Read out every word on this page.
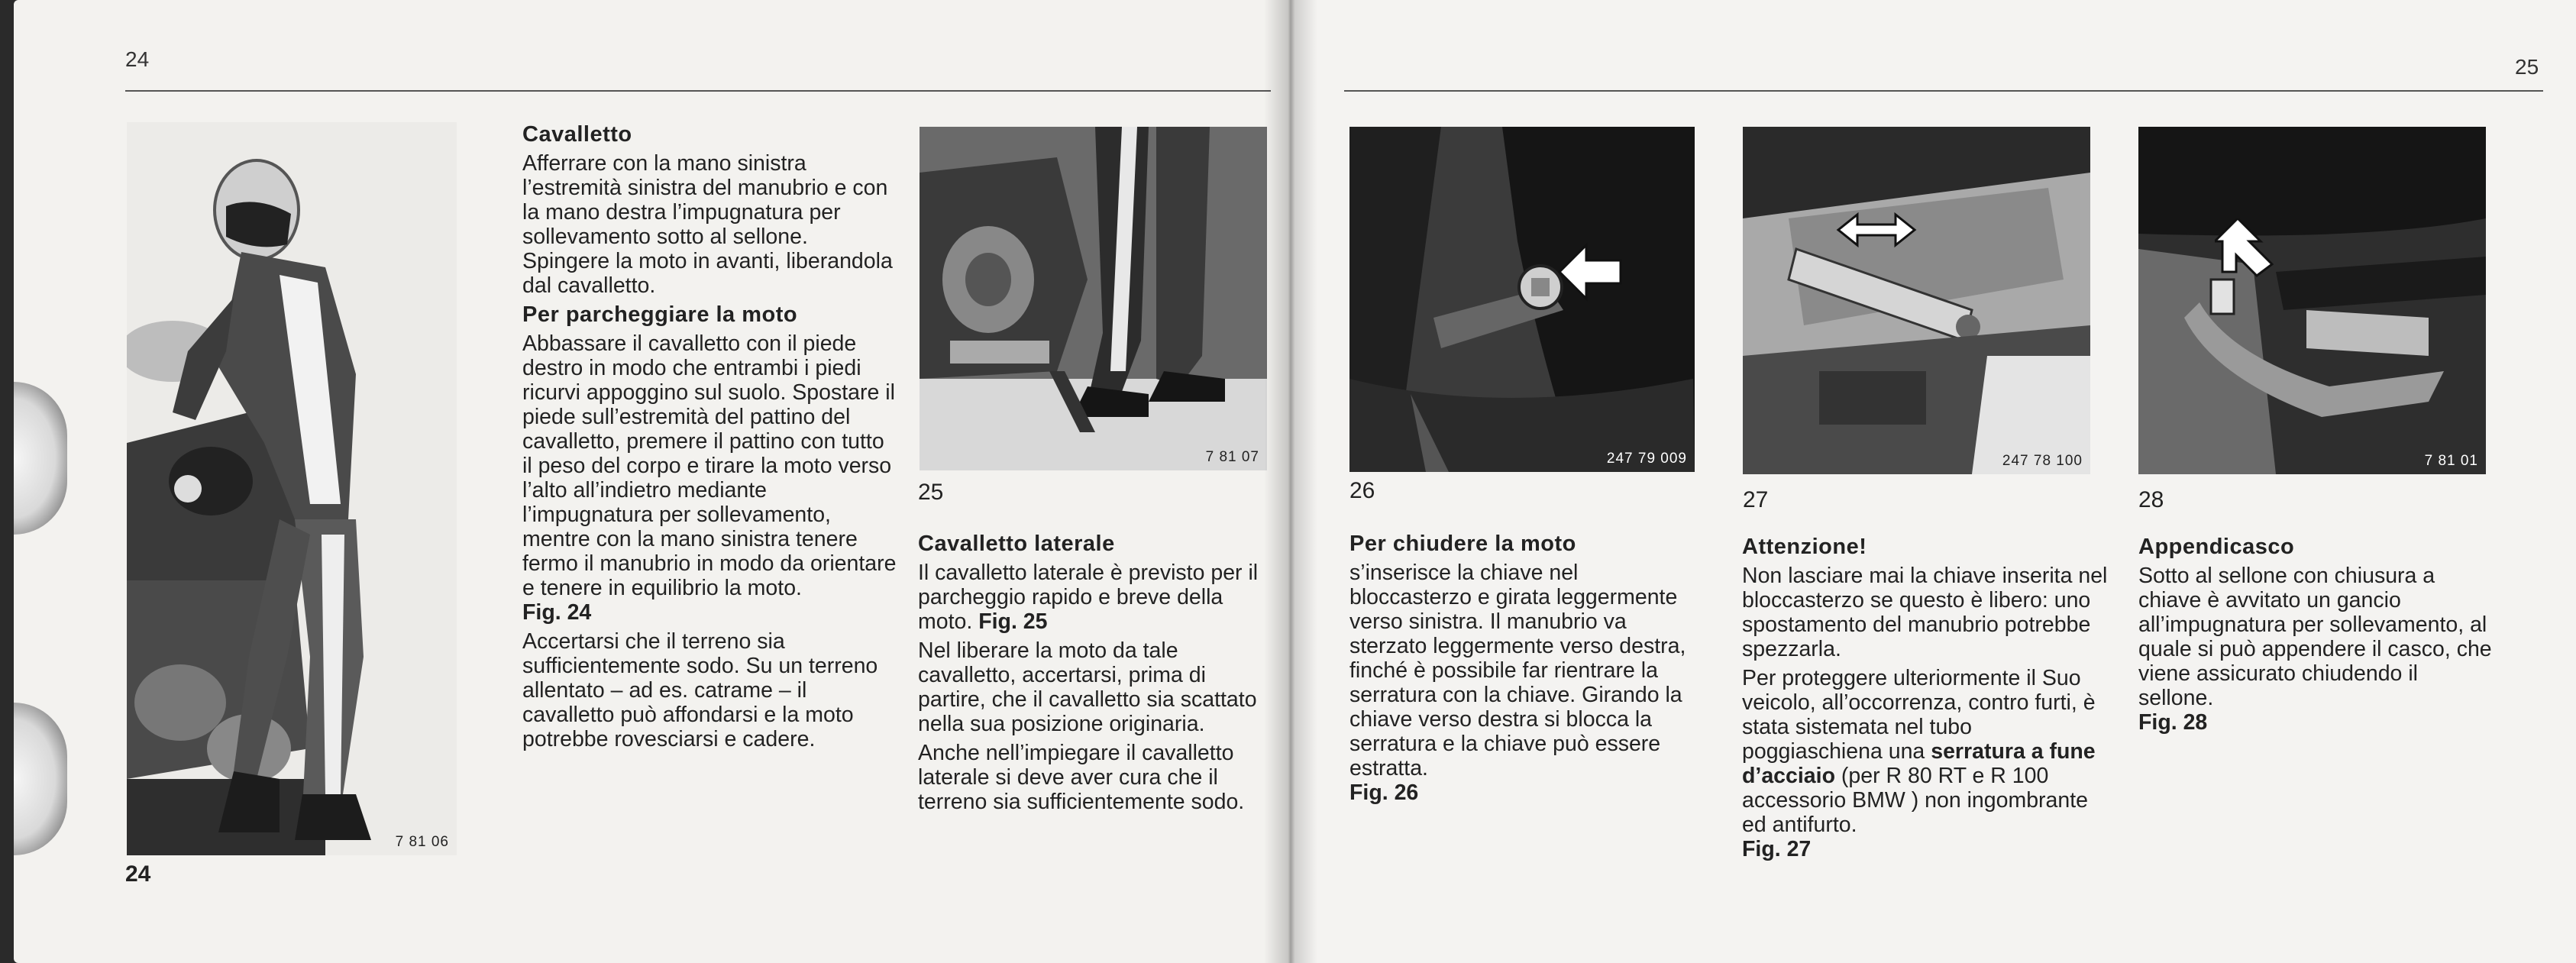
24
7 81 06
24
Cavalletto

Afferrare con la mano sinistra l’estremità sinistra del manubrio e con la mano destra l’impugnatura per sollevamento sotto al sellone. Spingere la moto in avanti, liberandola dal cavalletto.

Per parcheggiare la moto

Abbassare il cavalletto con il piede destro in modo che entrambi i piedi ricurvi appoggino sul suolo. Spostare il piede sull’estremità del pattino del cavalletto, premere il pattino con tutto il peso del corpo e tirare la moto verso l’alto all’indietro mediante l’impugnatura per sollevamento, mentre con la mano sinistra tenere fermo il manubrio in modo da orientare e tenere in equilibrio la moto.

Fig. 24

Accertarsi che il terreno sia sufficientemente sodo. Su un terreno allentato – ad es. catrame – il cavalletto può affondarsi e la moto potrebbe rovesciarsi e cadere.

7 81 07
25
Cavalletto laterale

Il cavalletto laterale è previsto per il parcheggio rapido e breve della moto. Fig. 25

Nel liberare la moto da tale cavalletto, accertarsi, prima di partire, che il cavalletto sia scattato nella sua posizione originaria.

Anche nell’impiegare il cavalletto laterale si deve aver cura che il terreno sia sufficientemente sodo.

25
247 79 009
26
Per chiudere la moto

s’inserisce la chiave nel bloccasterzo e girata leggermente verso sinistra. Il manubrio va sterzato leggermente verso destra, finché è possibile far rientrare la serratura con la chiave. Girando la chiave verso destra si blocca la serratura e la chiave può essere estratta.

Fig. 26

247 78 100
27
Attenzione!

Non lasciare mai la chiave inserita nel bloccasterzo se questo è libero: uno spostamento del manubrio potrebbe spezzarla.

Per proteggere ulteriormente il Suo veicolo, all’occorrenza, contro furti, è stata sistemata nel tubo poggiaschiena una serratura a fune d’acciaio (per R 80 RT e R 100 accessorio BMW ) non ingombrante ed antifurto.

Fig. 27

7 81 01
28
Appendicasco

Sotto al sellone con chiusura a chiave è avvitato un gancio all’impugnatura per sollevamento, al quale si può appendere il casco, che viene assicurato chiudendo il sellone.

Fig. 28
